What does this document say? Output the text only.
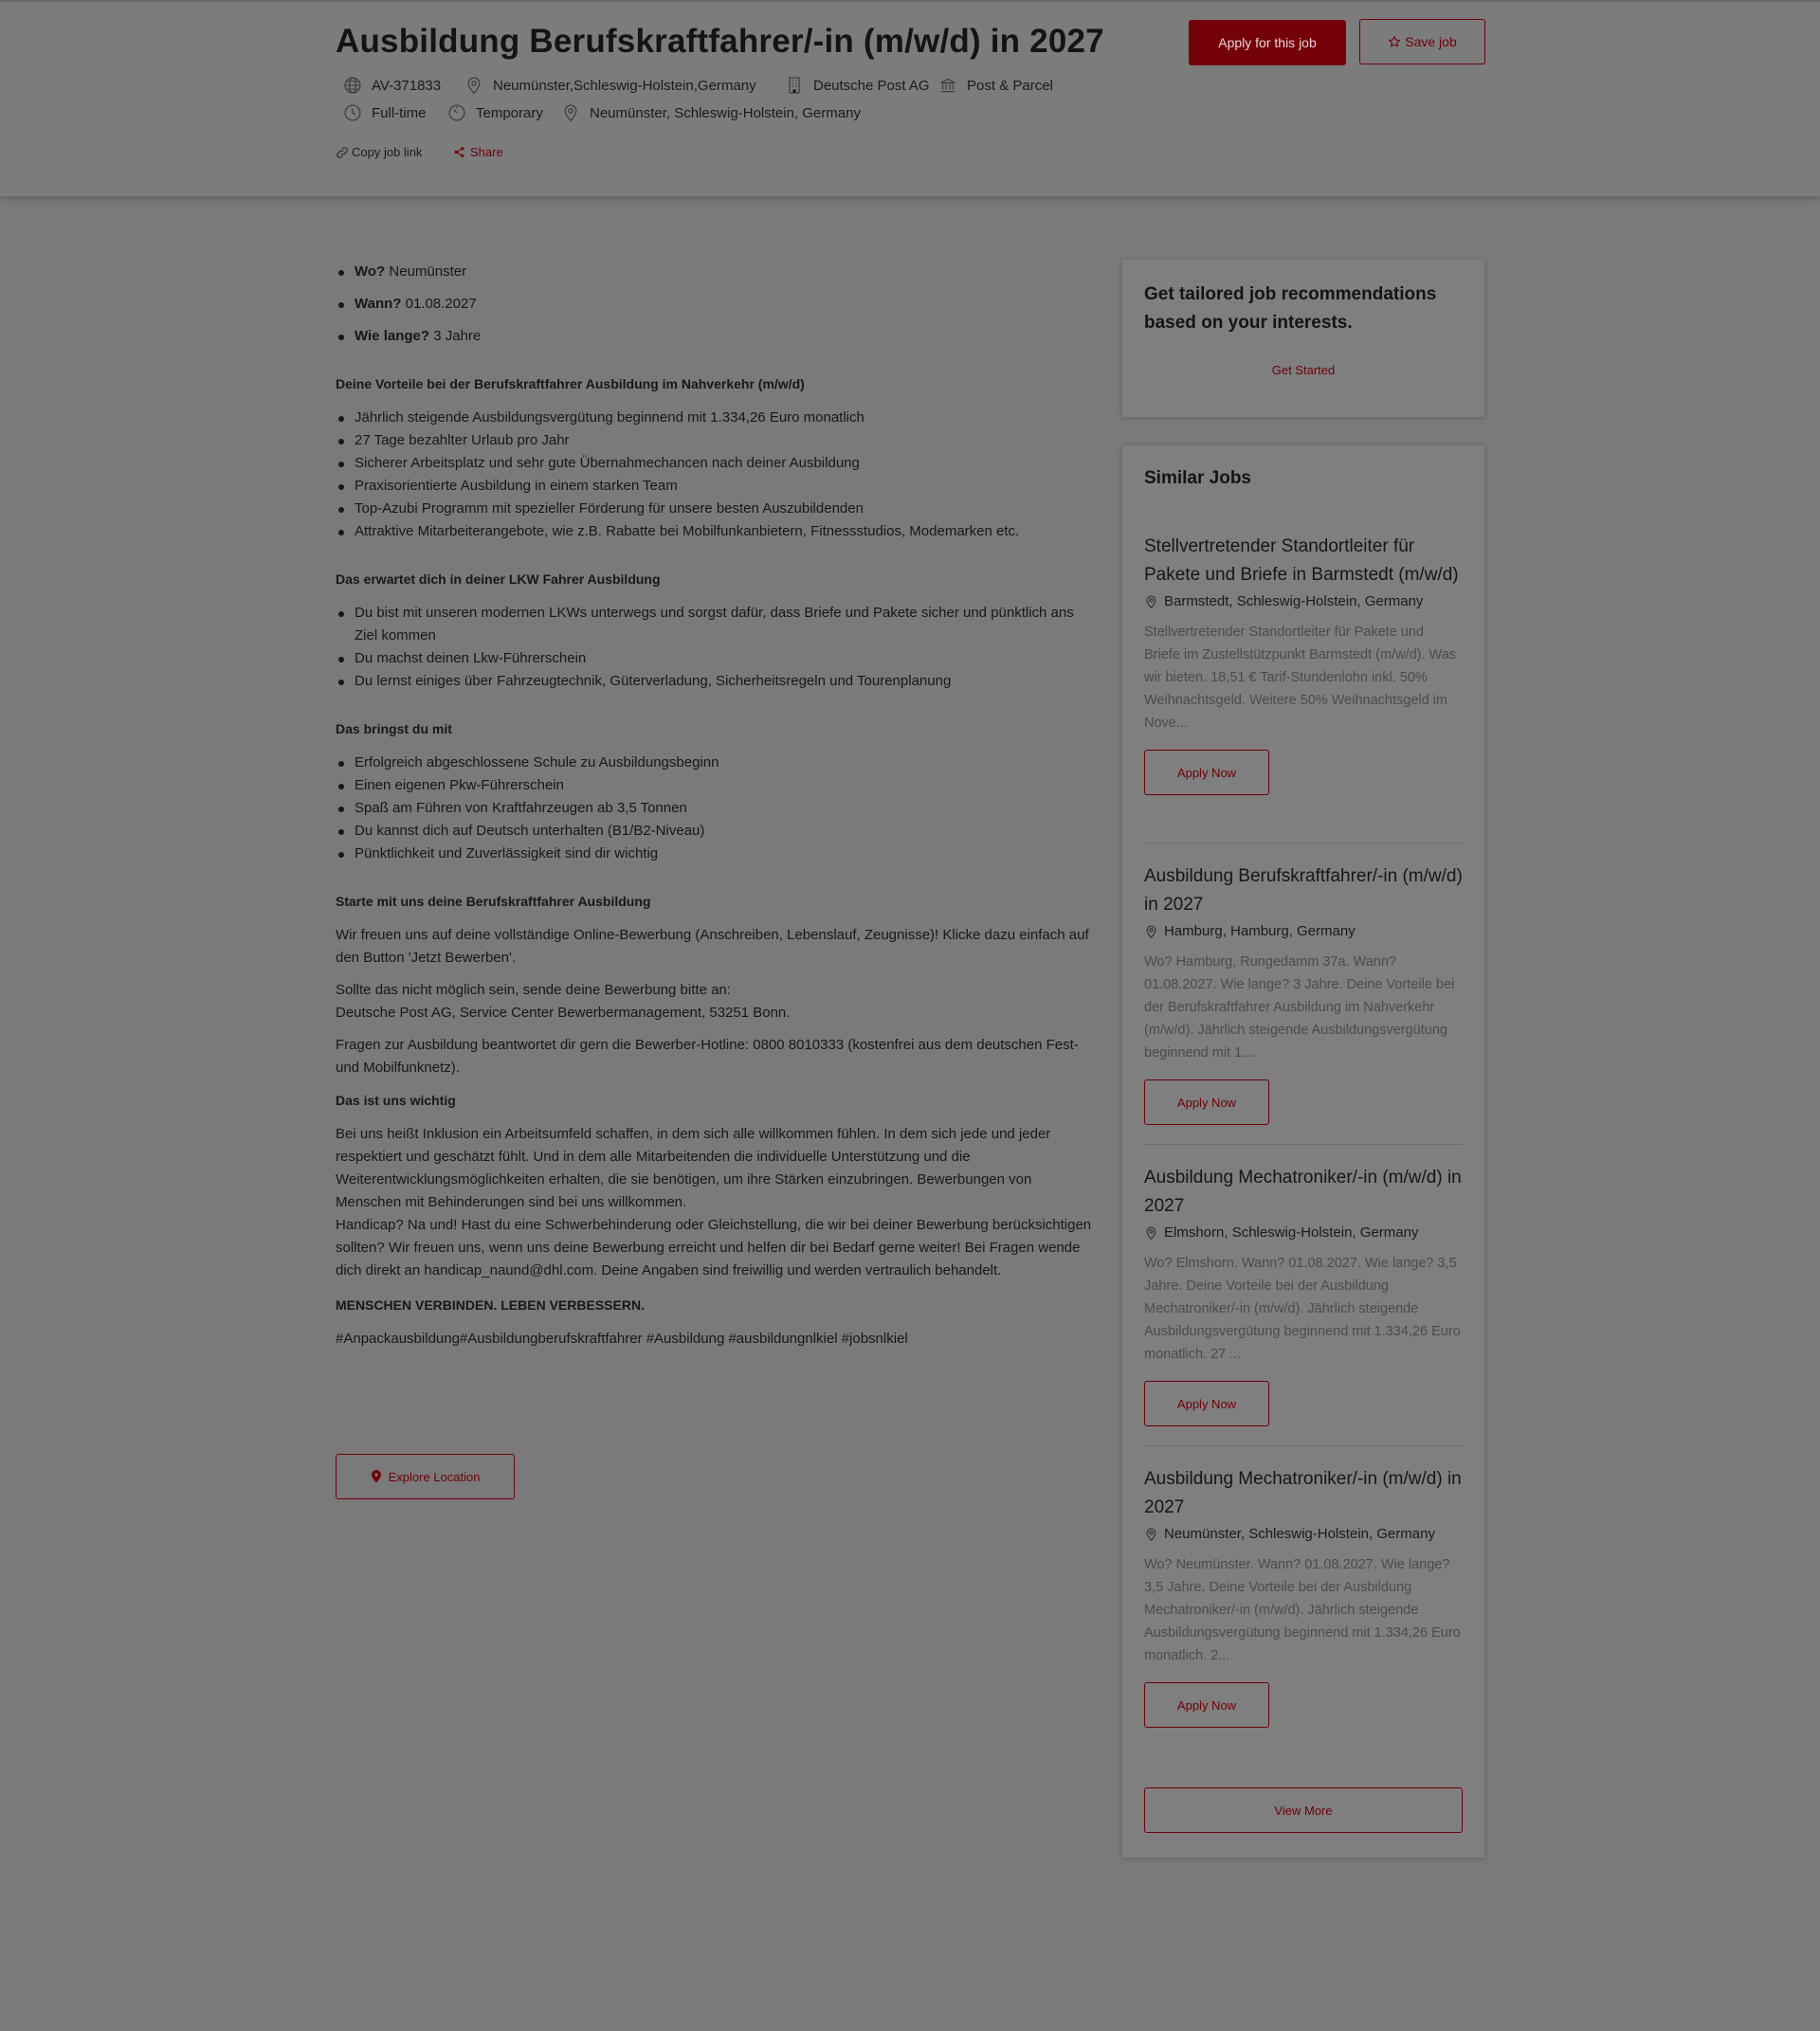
Ausbildung Berufskraftfahrer/-in (m/w/d) in 2027	Apply for this job	Save job
AV-371833	Neumünster,Schleswig-Holstein,Germany	Deutsche Post AG	Post & Parcel
Full-time	Temporary	Neumünster, Schleswig-Holstein, Germany
Copy job link	Share
Wo? Neumünster
Wann? 01.08.2027
Wie lange? 3 Jahre
Deine Vorteile bei der Berufskraftfahrer Ausbildung im Nahverkehr (m/w/d)
Jährlich steigende Ausbildungsvergütung beginnend mit 1.334,26 Euro monatlich
27 Tage bezahlter Urlaub pro Jahr
Sicherer Arbeitsplatz und sehr gute Übernahmechancen nach deiner Ausbildung
Praxisorientierte Ausbildung in einem starken Team
Top-Azubi Programm mit spezieller Förderung für unsere besten Auszubildenden
Attraktive Mitarbeiterangebote, wie z.B. Rabatte bei Mobilfunkanbietern, Fitnessstudios, Modemarken etc.
Das erwartet dich in deiner LKW Fahrer Ausbildung
Du bist mit unseren modernen LKWs unterwegs und sorgst dafür, dass Briefe und Pakete sicher und pünktlich ans Ziel kommen
Du machst deinen Lkw-Führerschein
Du lernst einiges über Fahrzeugtechnik, Güterverladung, Sicherheitsregeln und Tourenplanung
Das bringst du mit
Erfolgreich abgeschlossene Schule zu Ausbildungsbeginn
Einen eigenen Pkw-Führerschein
Spaß am Führen von Kraftfahrzeugen ab 3,5 Tonnen
Du kannst dich auf Deutsch unterhalten (B1/B2-Niveau)
Pünktlichkeit und Zuverlässigkeit sind dir wichtig
Starte mit uns deine Berufskraftfahrer Ausbildung

Wir freuen uns auf deine vollständige Online-Bewerbung (Anschreiben, Lebenslauf, Zeugnisse)! Klicke dazu einfach auf den Button 'Jetzt Bewerben'.

Sollte das nicht möglich sein, sende deine Bewerbung bitte an:
Deutsche Post AG, Service Center Bewerbermanagement, 53251 Bonn.

Fragen zur Ausbildung beantwortet dir gern die Bewerber-Hotline: 0800 8010333 (kostenfrei aus dem deutschen Fest- und Mobilfunknetz).

Das ist uns wichtig

Bei uns heißt Inklusion ein Arbeitsumfeld schaffen, in dem sich alle willkommen fühlen. In dem sich jede und jeder respektiert und geschätzt fühlt. Und in dem alle Mitarbeitenden die individuelle Unterstützung und die Weiterentwicklungsmöglichkeiten erhalten, die sie benötigen, um ihre Stärken einzubringen. Bewerbungen von Menschen mit Behinderungen sind bei uns willkommen.

Handicap? Na und! Hast du eine Schwerbehinderung oder Gleichstellung, die wir bei deiner Bewerbung berücksichtigen sollten? Wir freuen uns, wenn uns deine Bewerbung erreicht und helfen dir bei Bedarf gerne weiter! Bei Fragen wende dich direkt an handicap_naund@dhl.com. Deine Angaben sind freiwillig und werden vertraulich behandelt.

MENSCHEN VERBINDEN. LEBEN VERBESSERN.

#Anpackausbildung#Ausbildungberufskraftfahrer #Ausbildung #ausbildungnlkiel #jobsnlkiel

Explore Location
Get tailored job recommendations based on your interests.
Get Started
Similar Jobs
Stellvertretender Standortleiter für Pakete und Briefe in Barmstedt (m/w/d)
Barmstedt, Schleswig-Holstein, Germany
Stellvertretender Standortleiter für Pakete und Briefe im Zustellstützpunkt Barmstedt (m/w/d). Was wir bieten. 18,51 € Tarif-Stundenlohn inkl. 50% Weihnachtsgeld. Weitere 50% Weihnachtsgeld im Nove...
Apply Now
Ausbildung Berufskraftfahrer/-in (m/w/d) in 2027
Hamburg, Hamburg, Germany
Wo? Hamburg, Rungedamm 37a. Wann? 01.08.2027. Wie lange? 3 Jahre. Deine Vorteile bei der Berufskraftfahrer Ausbildung im Nahverkehr (m/w/d). Jährlich steigende Ausbildungsvergütung beginnend mit 1....
Apply Now
Ausbildung Mechatroniker/-in (m/w/d) in 2027
Elmshorn, Schleswig-Holstein, Germany
Wo? Elmshorn. Wann? 01.08.2027. Wie lange? 3,5 Jahre. Deine Vorteile bei der Ausbildung Mechatroniker/-in (m/w/d). Jährlich steigende Ausbildungsvergütung beginnend mit 1.334,26 Euro monatlich. 27 ...
Apply Now
Ausbildung Mechatroniker/-in (m/w/d) in 2027
Neumünster, Schleswig-Holstein, Germany
Wo? Neumünster. Wann? 01.08.2027. Wie lange? 3,5 Jahre. Deine Vorteile bei der Ausbildung Mechatroniker/-in (m/w/d). Jährlich steigende Ausbildungsvergütung beginnend mit 1.334,26 Euro monatlich. 2...
Apply Now
View More
